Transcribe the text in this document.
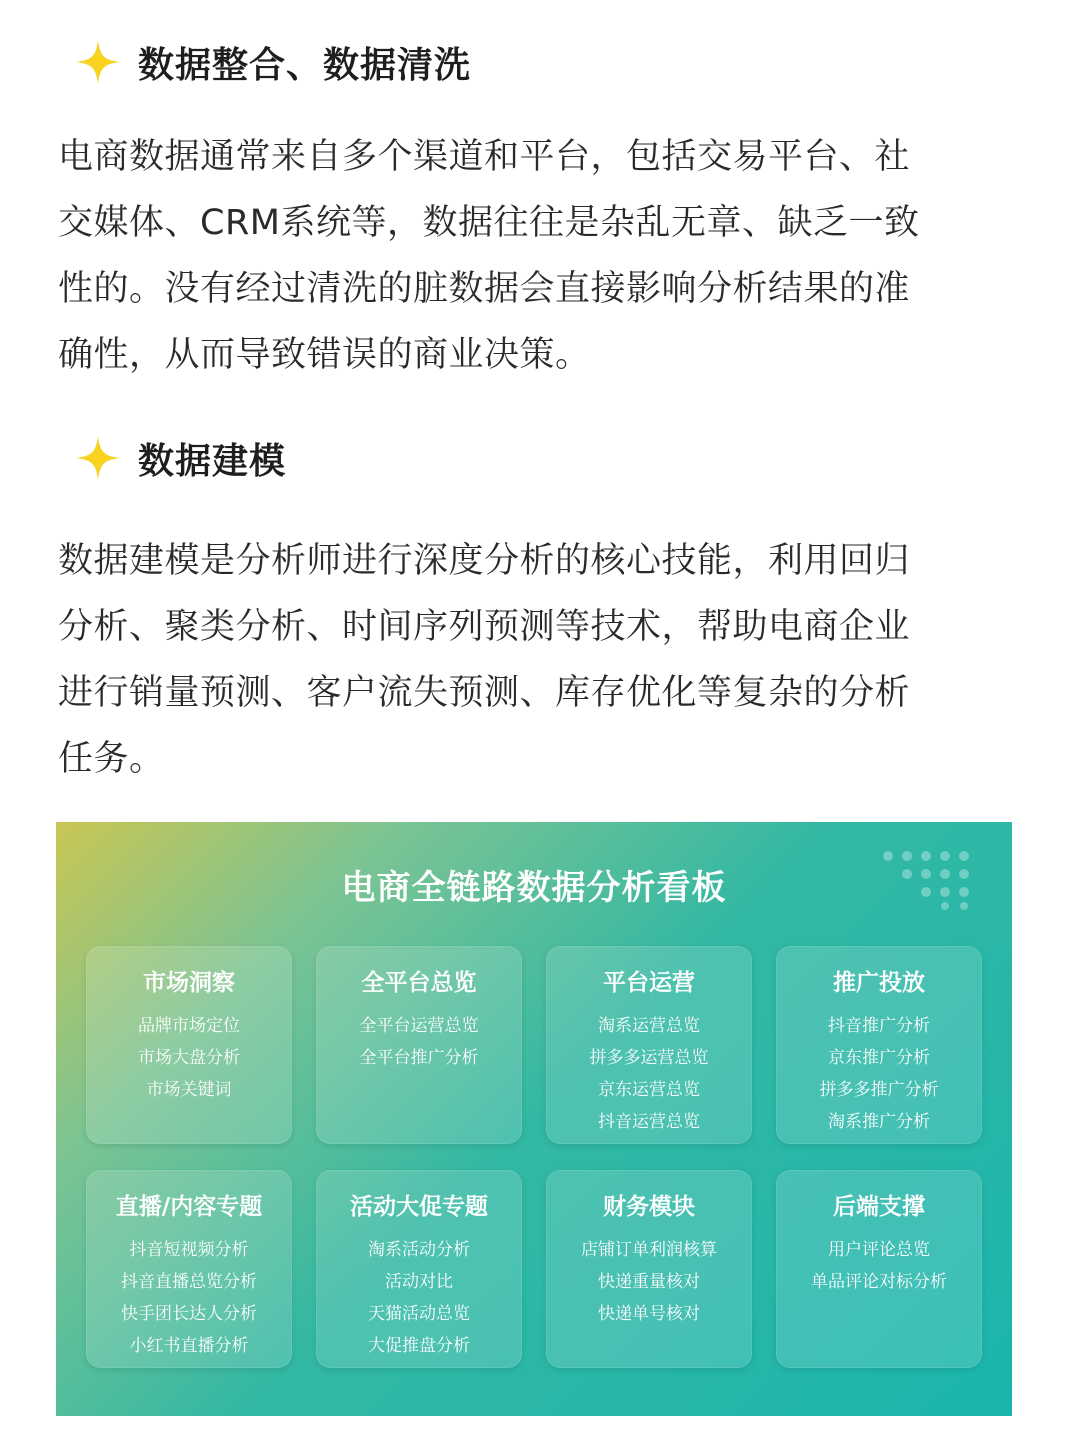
数据整合、数据清洗
电商数据通常来自多个渠道和平台，包括交易平台、社
交媒体、CRM系统等，数据往往是杂乱无章、缺乏一致
性的。没有经过清洗的脏数据会直接影响分析结果的准
确性，从而导致错误的商业决策。
数据建模
数据建模是分析师进行深度分析的核心技能，利用回归
分析、聚类分析、时间序列预测等技术，帮助电商企业
进行销量预测、客户流失预测、库存优化等复杂的分析
任务。
电商全链路数据分析看板
市场洞察
品牌市场定位
市场大盘分析
市场关键词
全平台总览
全平台运营总览
全平台推广分析
平台运营
淘系运营总览
拼多多运营总览
京东运营总览
抖音运营总览
推广投放
抖音推广分析
京东推广分析
拼多多推广分析
淘系推广分析
直播/内容专题
抖音短视频分析
抖音直播总览分析
快手团长达人分析
小红书直播分析
活动大促专题
淘系活动分析
活动对比
天猫活动总览
大促推盘分析
财务模块
店铺订单利润核算
快递重量核对
快递单号核对
后端支撑
用户评论总览
单品评论对标分析
